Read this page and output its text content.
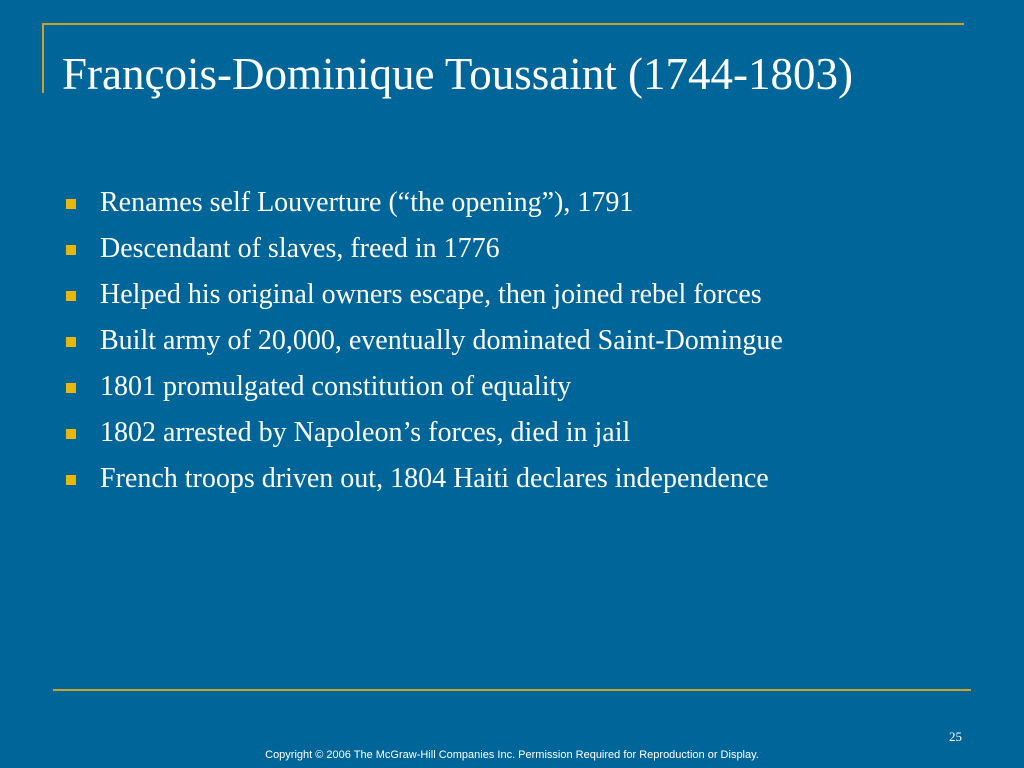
François-Dominique Toussaint (1744-1803)
Renames self Louverture (“the opening”), 1791
Descendant of slaves, freed in 1776
Helped his original owners escape, then joined rebel forces
Built army of 20,000, eventually dominated Saint-Domingue
1801 promulgated constitution of equality
1802 arrested by Napoleon’s forces, died in jail
French troops driven out, 1804 Haiti declares independence
25
Copyright © 2006 The McGraw-Hill Companies Inc. Permission Required for Reproduction or Display.
